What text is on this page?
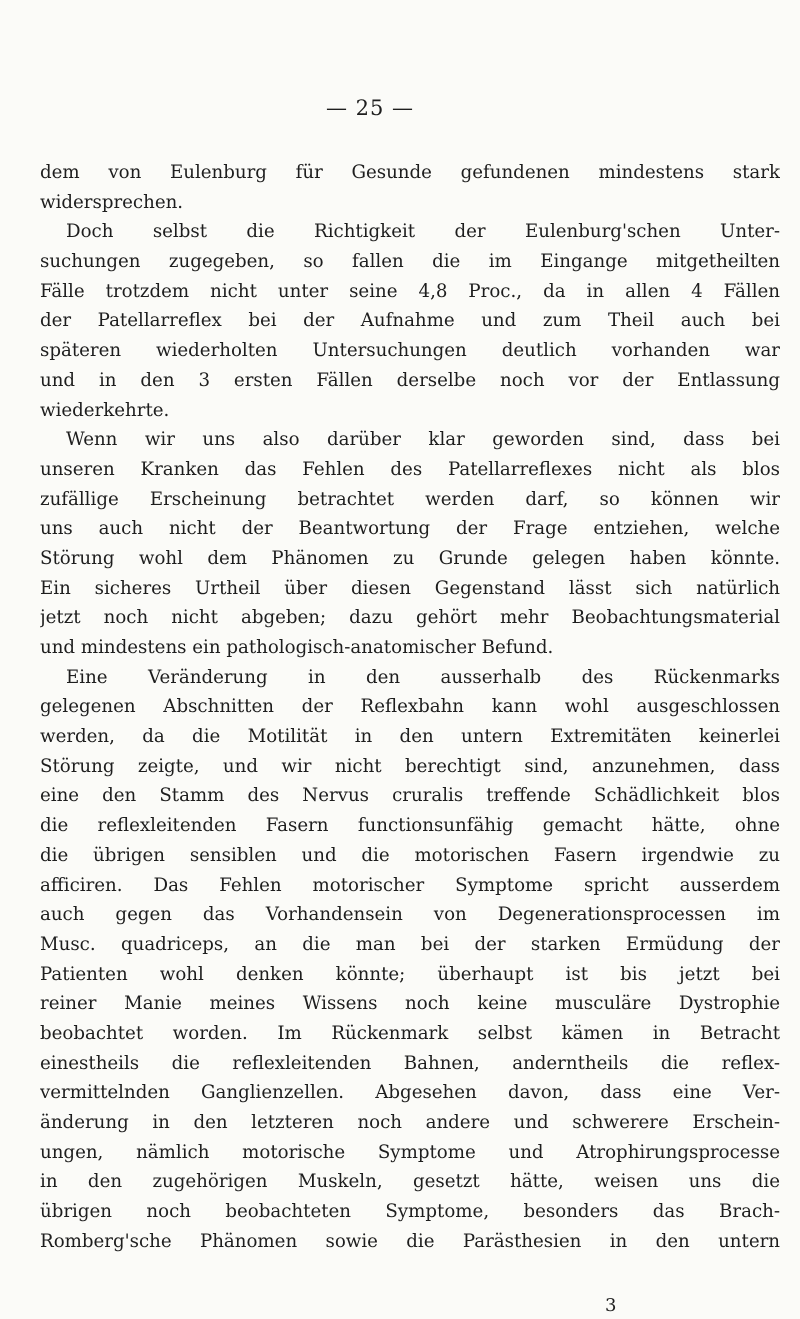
— 25 —
dem von Eulenburg für Gesunde gefundenen mindestens stark
widersprechen.
Doch selbst die Richtigkeit der Eulenburg'schen Unter-
suchungen zugegeben, so fallen die im Eingange mitgetheilten
Fälle trotzdem nicht unter seine 4,8 Proc., da in allen 4 Fällen
der Patellarreflex bei der Aufnahme und zum Theil auch bei
späteren wiederholten Untersuchungen deutlich vorhanden war
und in den 3 ersten Fällen derselbe noch vor der Entlassung
wiederkehrte.
Wenn wir uns also darüber klar geworden sind, dass bei
unseren Kranken das Fehlen des Patellarreflexes nicht als blos
zufällige Erscheinung betrachtet werden darf, so können wir
uns auch nicht der Beantwortung der Frage entziehen, welche
Störung wohl dem Phänomen zu Grunde gelegen haben könnte.
Ein sicheres Urtheil über diesen Gegenstand lässt sich natürlich
jetzt noch nicht abgeben; dazu gehört mehr Beobachtungsmaterial
und mindestens ein pathologisch-anatomischer Befund.
Eine Veränderung in den ausserhalb des Rückenmarks
gelegenen Abschnitten der Reflexbahn kann wohl ausgeschlossen
werden, da die Motilität in den untern Extremitäten keinerlei
Störung zeigte, und wir nicht berechtigt sind, anzunehmen, dass
eine den Stamm des Nervus cruralis treffende Schädlichkeit blos
die reflexleitenden Fasern functionsunfähig gemacht hätte, ohne
die übrigen sensiblen und die motorischen Fasern irgendwie zu
afficiren. Das Fehlen motorischer Symptome spricht ausserdem
auch gegen das Vorhandensein von Degenerationsprocessen im
Musc. quadriceps, an die man bei der starken Ermüdung der
Patienten wohl denken könnte; überhaupt ist bis jetzt bei
reiner Manie meines Wissens noch keine musculäre Dystrophie
beobachtet worden. Im Rückenmark selbst kämen in Betracht
einestheils die reflexleitenden Bahnen, anderntheils die reflex-
vermittelnden Ganglienzellen. Abgesehen davon, dass eine Ver-
änderung in den letzteren noch andere und schwerere Erschein-
ungen, nämlich motorische Symptome und Atrophirungsprocesse
in den zugehörigen Muskeln, gesetzt hätte, weisen uns die
übrigen noch beobachteten Symptome, besonders das Brach-
Romberg'sche Phänomen sowie die Parästhesien in den untern
3
